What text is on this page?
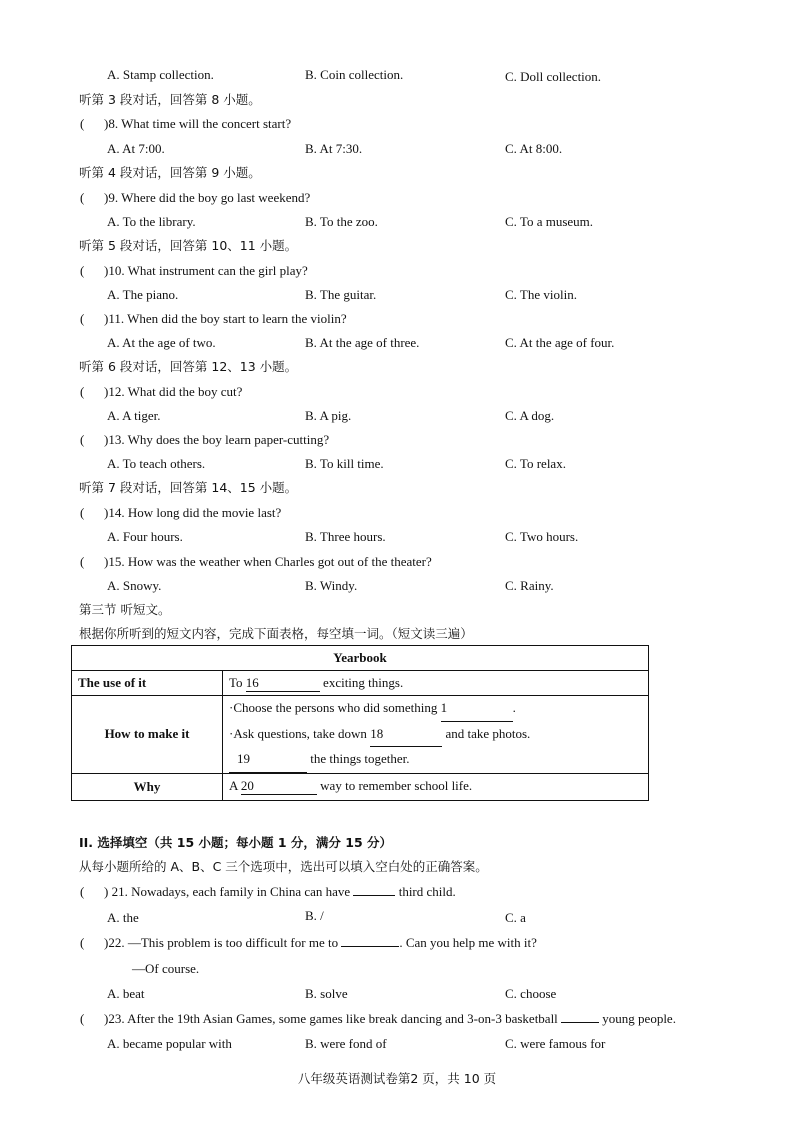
A. Stamp collection.	B. Coin collection.	C. Doll collection.
听第 3 段对话，回答第 8 小题。
( )8. What time will the concert start?
A. At 7:00.	B. At 7:30.	C. At 8:00.
听第 4 段对话，回答第 9 小题。
( )9. Where did the boy go last weekend?
A. To the library.	B. To the zoo.	C. To a museum.
听第 5 段对话，回答第 10、11 小题。
( )10. What instrument can the girl play?
A. The piano.	B. The guitar.	C. The violin.
( )11. When did the boy start to learn the violin?
A. At the age of two.	B. At the age of three.	C. At the age of four.
听第 6 段对话，回答第 12、13 小题。
( )12. What did the boy cut?
A. A tiger.	B. A pig.	C. A dog.
( )13. Why does the boy learn paper-cutting?
A. To teach others.	B. To kill time.	C. To relax.
听第 7 段对话，回答第 14、15 小题。
( )14. How long did the movie last?
A. Four hours.	B. Three hours.	C. Two hours.
( )15. How was the weather when Charles got out of the theater?
A. Snowy.	B. Windy.	C. Rainy.
第三节 听短文。
根据你所听到的短文内容，完成下面表格，每空填一词。（短文读三遍）
Yearbook	
The use of it	To 16 exciting things.
How to make it	·Choose the persons who did something 1 .
·Ask questions, take down 18 and take photos.
19 the things together.

Why	A 20 way to remember school life.
II. 选择填空（共 15 小题；每小题 1 分，满分 15 分）
从每小题所给的 A、B、C 三个选项中，选出可以填入空白处的正确答案。
( ) 21. Nowadays, each family in China can have	third child.
A. the	B. /	C. a
( )22. —This problem is too difficult for me to	. Can you help me with it?
—Of course.
A. beat	B. solve	C. choose
( )23. After the 19th Asian Games, some games like break dancing and 3-on-3 basketball	young people.
A. became popular with	B. were fond of	C. were famous for
八年级英语测试卷第2 页，共 10 页
